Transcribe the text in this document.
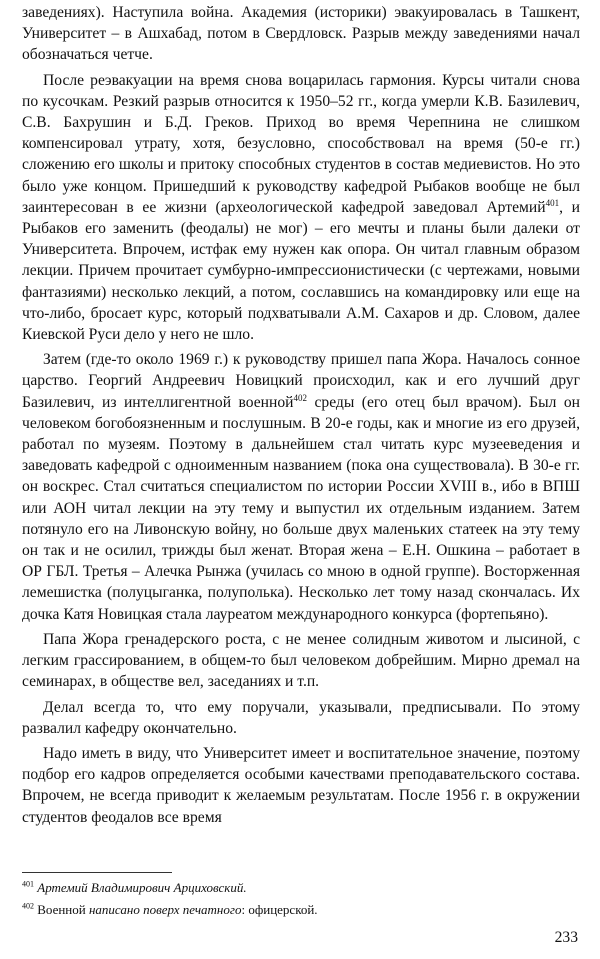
заведениях). Наступила война. Академия (историки) эвакуировалась в Ташкент, Университет – в Ашхабад, потом в Свердловск. Разрыв между заведениями начал обозначаться четче.

После реэвакуации на время снова воцарилась гармония. Курсы читали снова по кусочкам. Резкий разрыв относится к 1950–52 гг., когда умерли К.В. Базилевич, С.В. Бахрушин и Б.Д. Греков. Приход во время Черепнина не слишком компенсировал утрату, хотя, безусловно, способствовал на время (50-е гг.) сложению его школы и притоку способных студентов в состав медиевистов. Но это было уже концом. Пришедший к руководству кафедрой Рыбаков вообще не был заинтересован в ее жизни (археологической кафедрой заведовал Артемий$^{401}$, и Рыбаков его заменить (феодалы) не мог) – его мечты и планы были далеки от Университета. Впрочем, истфак ему нужен как опора. Он читал главным образом лекции. Причем прочитает сумбурно-импрессионистически (с чертежами, новыми фантазиями) несколько лекций, а потом, сославшись на командировку или еще на что-либо, бросает курс, который подхватывали А.М. Сахаров и др. Словом, далее Киевской Руси дело у него не шло.

Затем (где-то около 1969 г.) к руководству пришел папа Жора. Началось сонное царство. Георгий Андреевич Новицкий происходил, как и его лучший друг Базилевич, из интеллигентной военной$^{402}$ среды (его отец был врачом). Был он человеком богобоязненным и послушным. В 20-е годы, как и многие из его друзей, работал по музеям. Поэтому в дальнейшем стал читать курс музееведения и заведовать кафедрой с одноименным названием (пока она существовала). В 30-е гг. он воскрес. Стал считаться специалистом по истории России XVIII в., ибо в ВПШ или АОН читал лекции на эту тему и выпустил их отдельным изданием. Затем потянуло его на Ливонскую войну, но больше двух маленьких статеек на эту тему он так и не осилил, трижды был женат. Вторая жена – Е.Н. Ошкина – работает в ОР ГБЛ. Третья – Алечка Рынжа (училась со мною в одной группе). Восторженная лемешистка (полуцыганка, полуполька). Несколько лет тому назад скончалась. Их дочка Катя Новицкая стала лауреатом международного конкурса (фортепьяно).

Папа Жора гренадерского роста, с не менее солидным животом и лысиной, с легким грассированием, в общем-то был человеком добрейшим. Мирно дремал на семинарах, в обществе вел, заседаниях и т.п.

Делал всегда то, что ему поручали, указывали, предписывали. По этому развалил кафедру окончательно.

Надо иметь в виду, что Университет имеет и воспитательное значение, поэтому подбор его кадров определяется особыми качествами преподавательского состава. Впрочем, не всегда приводит к желаемым результатам. После 1956 г. в окружении студентов феодалов все время

$^{401}$ Артемий Владимирович Арциховский.

$^{402}$ Военной написано поверх печатного: офицерской.

233
